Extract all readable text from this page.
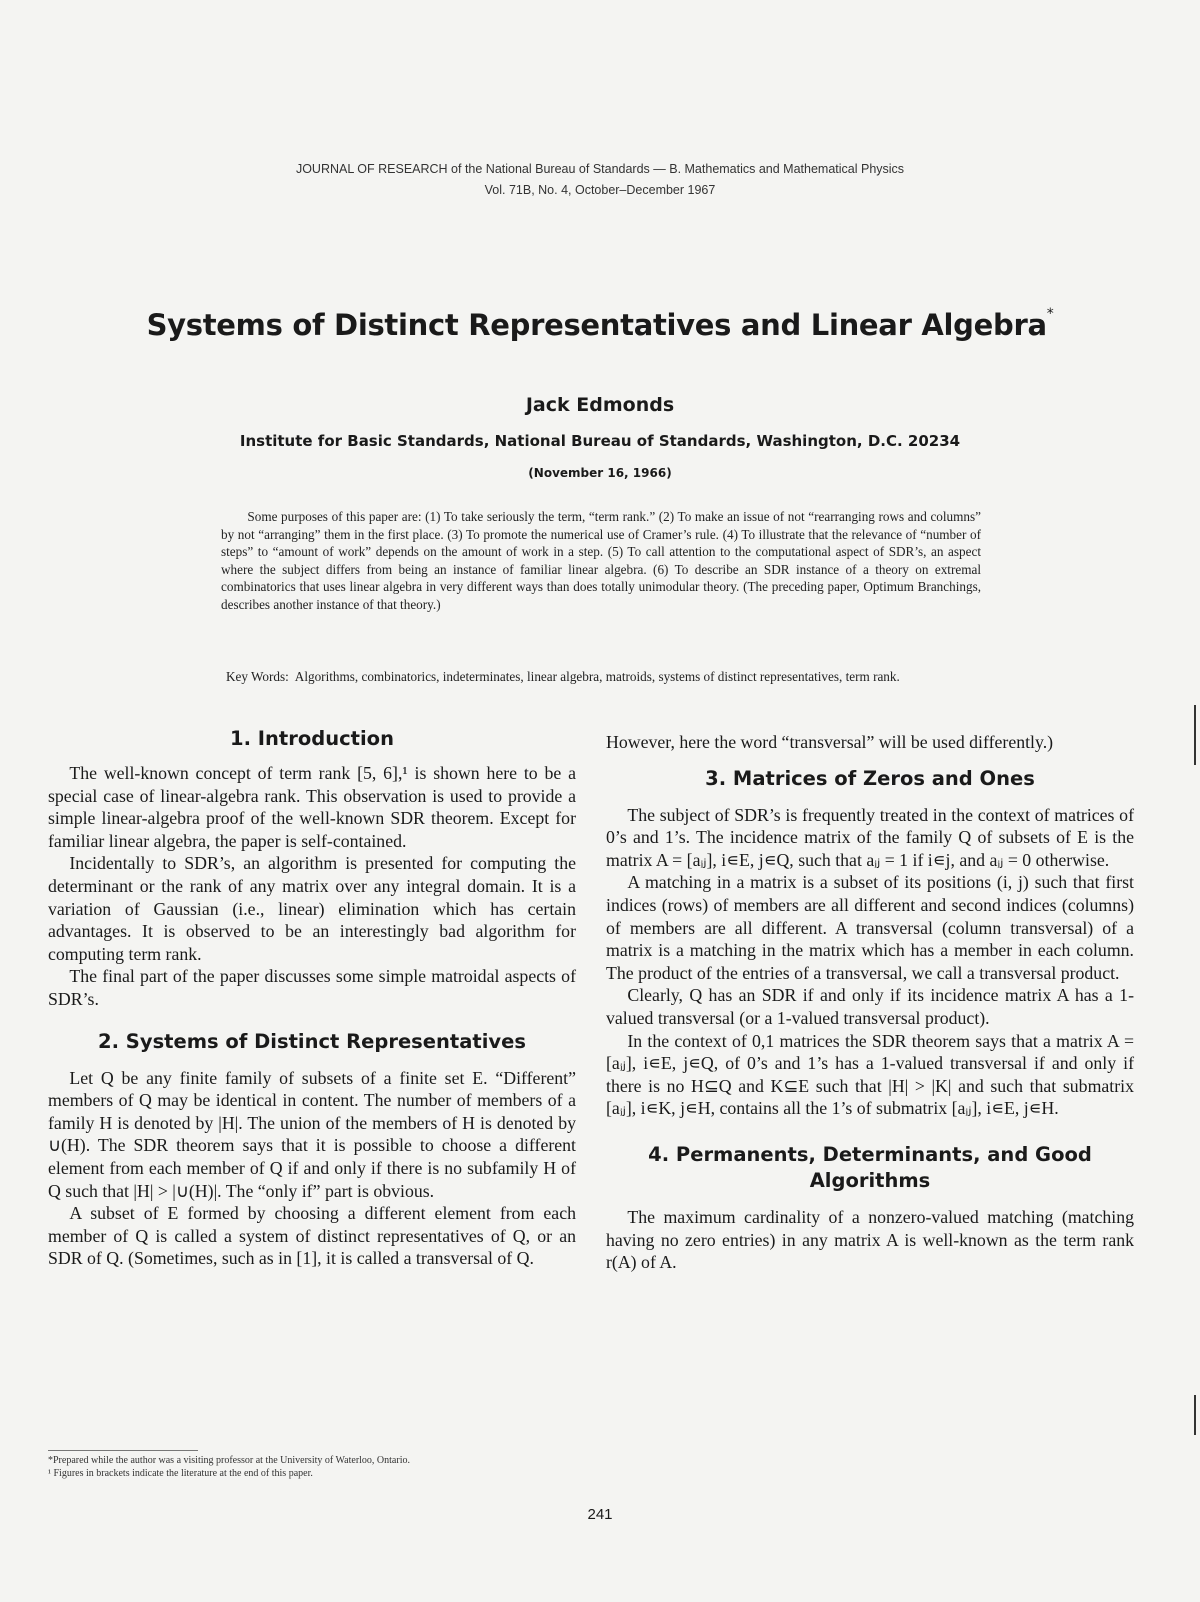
JOURNAL OF RESEARCH of the National Bureau of Standards — B. Mathematics and Mathematical Physics
Vol. 71B, No. 4, October–December 1967
Systems of Distinct Representatives and Linear Algebra*
Jack Edmonds
Institute for Basic Standards, National Bureau of Standards, Washington, D.C. 20234
(November 16, 1966)
Some purposes of this paper are: (1) To take seriously the term, “term rank.” (2) To make an issue of not “rearranging rows and columns” by not “arranging” them in the first place. (3) To promote the numerical use of Cramer’s rule. (4) To illustrate that the relevance of “number of steps” to “amount of work” depends on the amount of work in a step. (5) To call attention to the computational aspect of SDR’s, an aspect where the subject differs from being an instance of familiar linear algebra. (6) To describe an SDR instance of a theory on extremal combinatorics that uses linear algebra in very different ways than does totally unimodular theory. (The preceding paper, Optimum Branchings, describes another instance of that theory.)
Key Words: Algorithms, combinatorics, indeterminates, linear algebra, matroids, systems of distinct representatives, term rank.
1. Introduction

The well-known concept of term rank [5, 6],¹ is shown here to be a special case of linear-algebra rank. This observation is used to provide a simple linear-algebra proof of the well-known SDR theorem. Except for familiar linear algebra, the paper is self-contained.

Incidentally to SDR’s, an algorithm is presented for computing the determinant or the rank of any matrix over any integral domain. It is a variation of Gaussian (i.e., linear) elimination which has certain advantages. It is observed to be an interestingly bad algorithm for computing term rank.

The final part of the paper discusses some simple matroidal aspects of SDR’s.

2. Systems of Distinct Representatives

Let Q be any finite family of subsets of a finite set E. “Different” members of Q may be identical in content. The number of members of a family H is denoted by |H|. The union of the members of H is denoted by ∪(H). The SDR theorem says that it is possible to choose a different element from each member of Q if and only if there is no subfamily H of Q such that |H| > |∪(H)|. The “only if” part is obvious.

A subset of E formed by choosing a different element from each member of Q is called a system of distinct representatives of Q, or an SDR of Q. (Sometimes, such as in [1], it is called a transversal of Q.

However, here the word “transversal” will be used differently.)

3. Matrices of Zeros and Ones

The subject of SDR’s is frequently treated in the context of matrices of 0’s and 1’s. The incidence matrix of the family Q of subsets of E is the matrix A = [aᵢⱼ], i∊E, j∊Q, such that aᵢⱼ = 1 if i∊j, and aᵢⱼ = 0 otherwise.

A matching in a matrix is a subset of its positions (i, j) such that first indices (rows) of members are all different and second indices (columns) of members are all different. A transversal (column transversal) of a matrix is a matching in the matrix which has a member in each column. The product of the entries of a transversal, we call a transversal product.

Clearly, Q has an SDR if and only if its incidence matrix A has a 1-valued transversal (or a 1-valued transversal product).

In the context of 0,1 matrices the SDR theorem says that a matrix A = [aᵢⱼ], i∊E, j∊Q, of 0’s and 1’s has a 1-valued transversal if and only if there is no H⊆Q and K⊆E such that |H| > |K| and such that submatrix [aᵢⱼ], i∊K, j∊H, contains all the 1’s of submatrix [aᵢⱼ], i∊E, j∊H.

4. Permanents, Determinants, and Good Algorithms

The maximum cardinality of a nonzero-valued matching (matching having no zero entries) in any matrix A is well-known as the term rank r(A) of A.

*Prepared while the author was a visiting professor at the University of Waterloo, Ontario.
¹ Figures in brackets indicate the literature at the end of this paper.
241
